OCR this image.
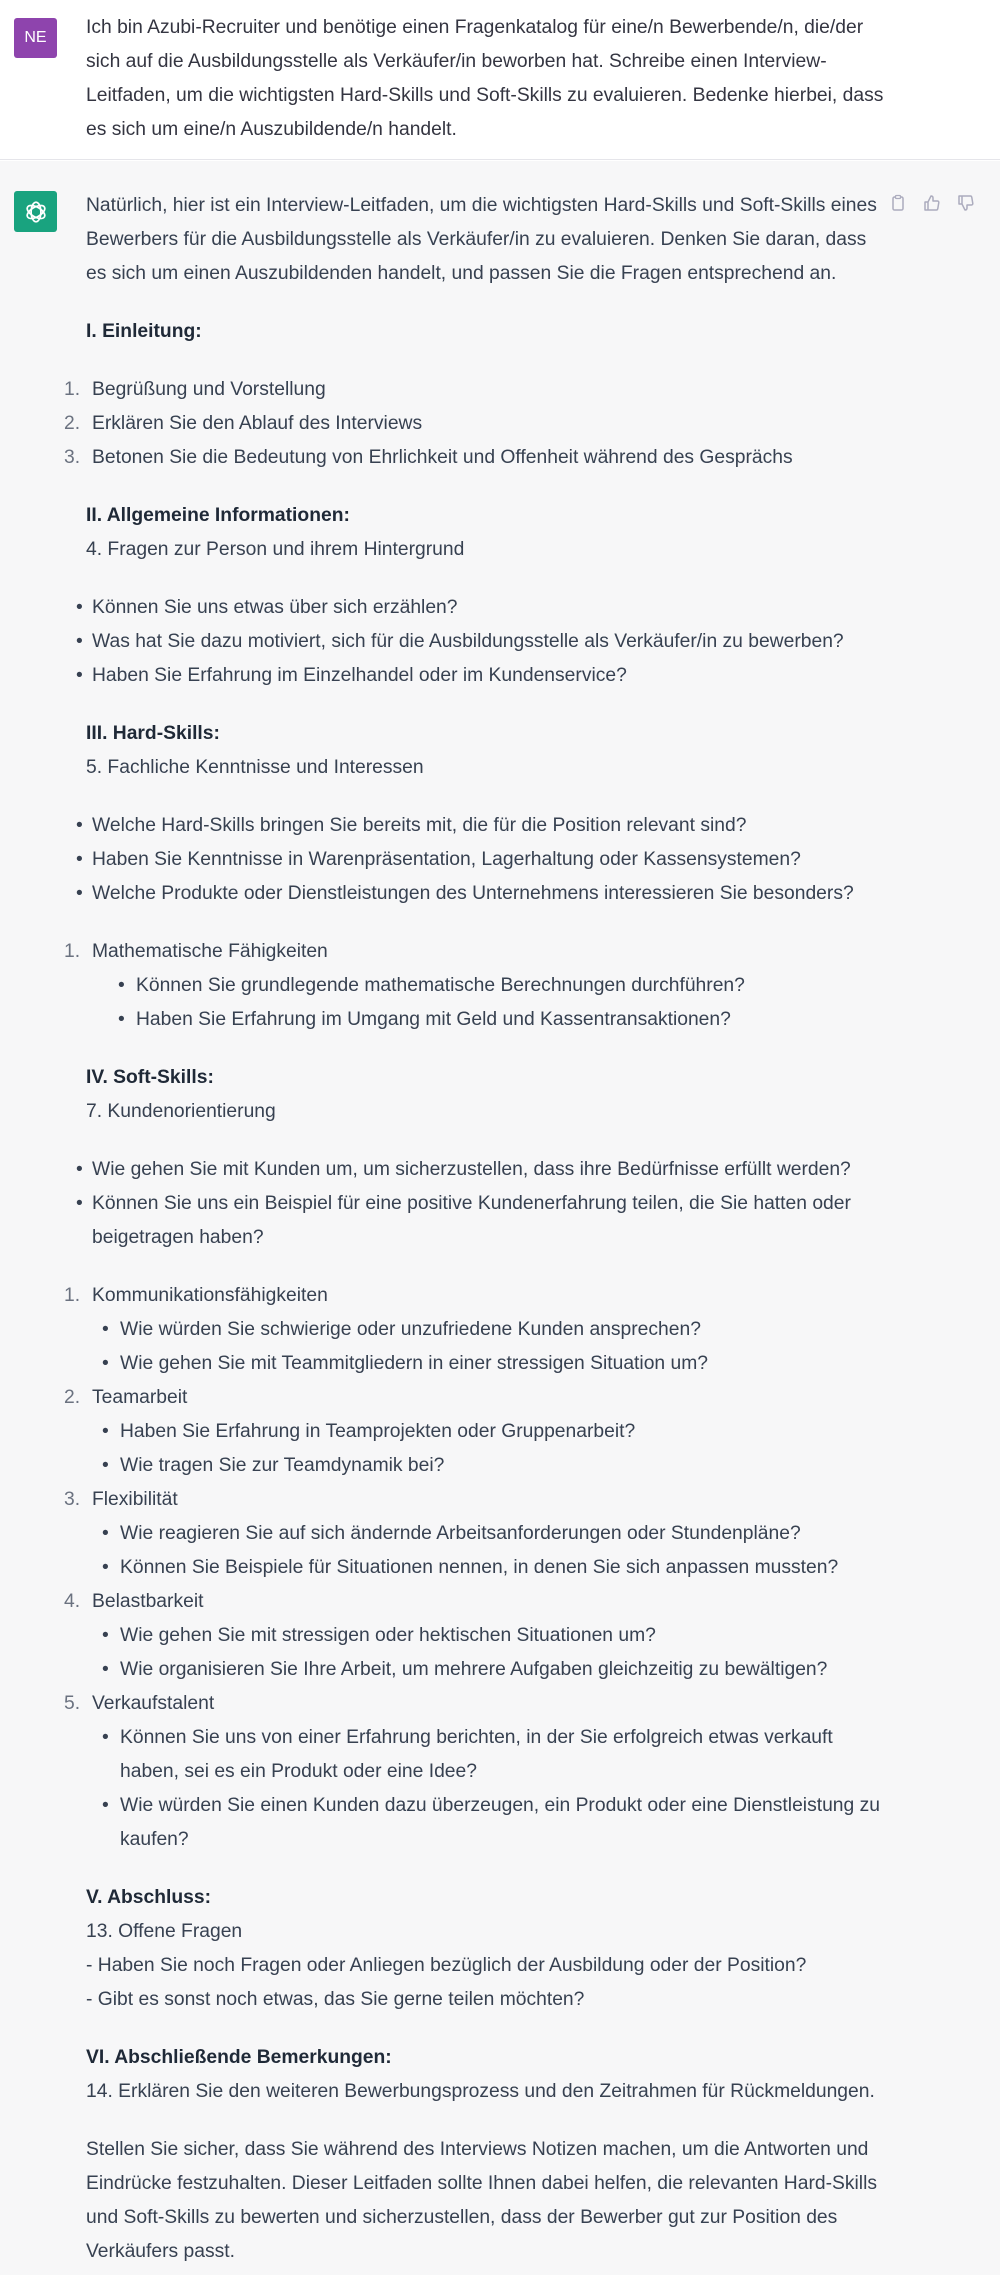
NE	Ich bin Azubi-Recruiter und benötige einen Fragenkatalog für eine/n Bewerbende/n, die/der sich auf die Ausbildungsstelle als Verkäufer/in beworben hat. Schreibe einen Interview-Leitfaden, um die wichtigsten Hard-Skills und Soft-Skills zu evaluieren. Bedenke hierbei, dass es sich um eine/n Auszubildende/n handelt.

Natürlich, hier ist ein Interview-Leitfaden, um die wichtigsten Hard-Skills und Soft-Skills eines Bewerbers für die Ausbildungsstelle als Verkäufer/in zu evaluieren. Denken Sie daran, dass es sich um einen Auszubildenden handelt, und passen Sie die Fragen entsprechend an.

I. Einleitung:

1. Begrüßung und Vorstellung
2. Erklären Sie den Ablauf des Interviews
3. Betonen Sie die Bedeutung von Ehrlichkeit und Offenheit während des Gesprächs

II. Allgemeine Informationen:

4. Fragen zur Person und ihrem Hintergrund

•
Können Sie uns etwas über sich erzählen?
•
Was hat Sie dazu motiviert, sich für die Ausbildungsstelle als Verkäufer/in zu bewerben?
•
Haben Sie Erfahrung im Einzelhandel oder im Kundenservice?

III. Hard-Skills:

5. Fachliche Kenntnisse und Interessen

•
Welche Hard-Skills bringen Sie bereits mit, die für die Position relevant sind?
•
Haben Sie Kenntnisse in Warenpräsentation, Lagerhaltung oder Kassensystemen?
•
Welche Produkte oder Dienstleistungen des Unternehmens interessieren Sie besonders?
1. Mathematische Fähigkeiten
•
Können Sie grundlegende mathematische Berechnungen durchführen?
•
Haben Sie Erfahrung im Umgang mit Geld und Kassentransaktionen?

IV. Soft-Skills:

7. Kundenorientierung

•
Wie gehen Sie mit Kunden um, um sicherzustellen, dass ihre Bedürfnisse erfüllt werden?
•
Können Sie uns ein Beispiel für eine positive Kundenerfahrung teilen, die Sie hatten oder beigetragen haben?
1. Kommunikationsfähigkeiten
•
Wie würden Sie schwierige oder unzufriedene Kunden ansprechen?
•
Wie gehen Sie mit Teammitgliedern in einer stressigen Situation um?
2. Teamarbeit
•
Haben Sie Erfahrung in Teamprojekten oder Gruppenarbeit?
•
Wie tragen Sie zur Teamdynamik bei?
3. Flexibilität
•
Wie reagieren Sie auf sich ändernde Arbeitsanforderungen oder Stundenpläne?
•
Können Sie Beispiele für Situationen nennen, in denen Sie sich anpassen mussten?
4. Belastbarkeit
•
Wie gehen Sie mit stressigen oder hektischen Situationen um?
•
Wie organisieren Sie Ihre Arbeit, um mehrere Aufgaben gleichzeitig zu bewältigen?
5. Verkaufstalent
•
Können Sie uns von einer Erfahrung berichten, in der Sie erfolgreich etwas verkauft haben, sei es ein Produkt oder eine Idee?
•
Wie würden Sie einen Kunden dazu überzeugen, ein Produkt oder eine Dienstleistung zu kaufen?

V. Abschluss:

13. Offene Fragen

- Haben Sie noch Fragen oder Anliegen bezüglich der Ausbildung oder der Position?

- Gibt es sonst noch etwas, das Sie gerne teilen möchten?

VI. Abschließende Bemerkungen:

14. Erklären Sie den weiteren Bewerbungsprozess und den Zeitrahmen für Rückmeldungen.

Stellen Sie sicher, dass Sie während des Interviews Notizen machen, um die Antworten und Eindrücke festzuhalten. Dieser Leitfaden sollte Ihnen dabei helfen, die relevanten Hard-Skills und Soft-Skills zu bewerten und sicherzustellen, dass der Bewerber gut zur Position des Verkäufers passt.
